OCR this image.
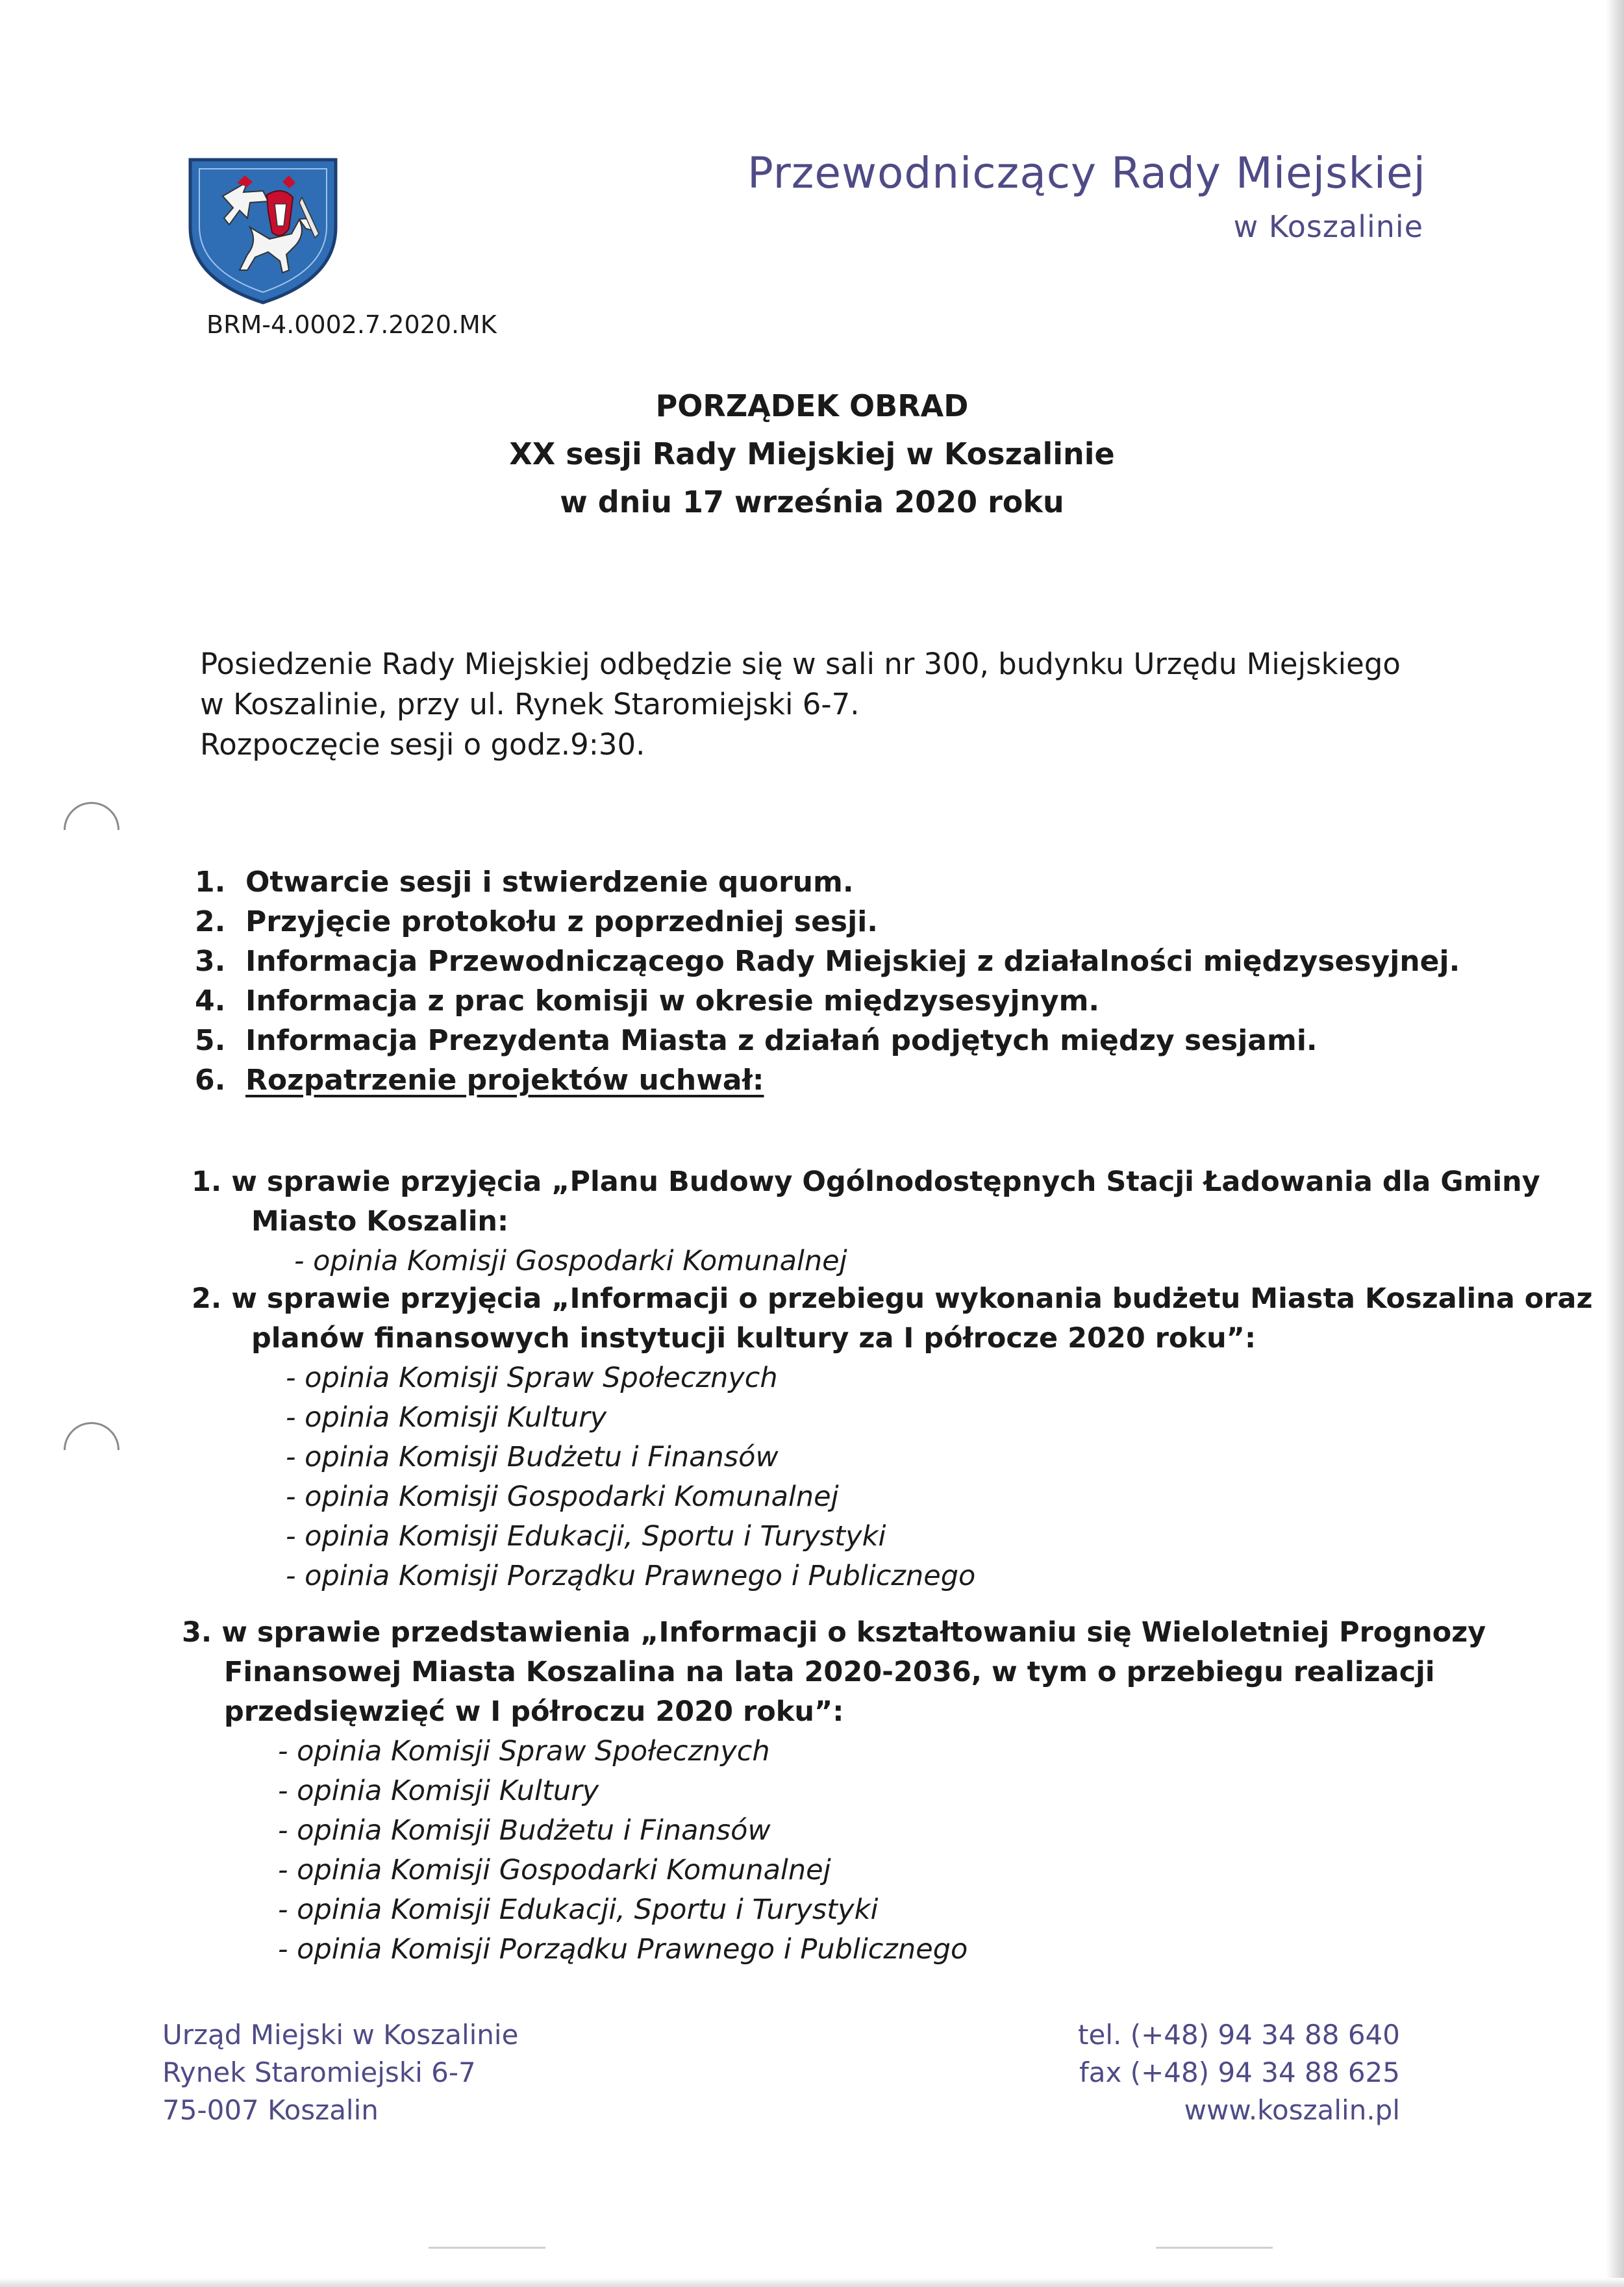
Przewodniczący Rady Miejskiej
w Koszalinie
BRM-4.0002.7.2020.MK
PORZĄDEK OBRAD
XX sesji Rady Miejskiej w Koszalinie
w dniu 17 września 2020 roku
Posiedzenie Rady Miejskiej odbędzie się w sali nr 300, budynku Urzędu Miejskiego
w Koszalinie, przy ul. Rynek Staromiejski 6-7.
Rozpoczęcie sesji o godz.9:30.
1. Otwarcie sesji i stwierdzenie quorum.
2. Przyjęcie protokołu z poprzedniej sesji.
3. Informacja Przewodniczącego Rady Miejskiej z działalności międzysesyjnej.
4. Informacja z prac komisji w okresie międzysesyjnym.
5. Informacja Prezydenta Miasta z działań podjętych między sesjami.
6. Rozpatrzenie projektów uchwał:
1. w sprawie przyjęcia „Planu Budowy Ogólnodostępnych Stacji Ładowania dla Gminy
Miasto Koszalin:
- opinia Komisji Gospodarki Komunalnej
2. w sprawie przyjęcia „Informacji o przebiegu wykonania budżetu Miasta Koszalina oraz
planów finansowych instytucji kultury za I półrocze 2020 roku”:
- opinia Komisji Spraw Społecznych
- opinia Komisji Kultury
- opinia Komisji Budżetu i Finansów
- opinia Komisji Gospodarki Komunalnej
- opinia Komisji Edukacji, Sportu i Turystyki
- opinia Komisji Porządku Prawnego i Publicznego
3. w sprawie przedstawienia „Informacji o kształtowaniu się Wieloletniej Prognozy
Finansowej Miasta Koszalina na lata 2020-2036, w tym o przebiegu realizacji
przedsięwzięć w I półroczu 2020 roku”:
- opinia Komisji Spraw Społecznych
- opinia Komisji Kultury
- opinia Komisji Budżetu i Finansów
- opinia Komisji Gospodarki Komunalnej
- opinia Komisji Edukacji, Sportu i Turystyki
- opinia Komisji Porządku Prawnego i Publicznego
Urząd Miejski w Koszalinie
Rynek Staromiejski 6-7
75-007 Koszalin
tel. (+48) 94 34 88 640
fax (+48) 94 34 88 625
www.koszalin.pl
